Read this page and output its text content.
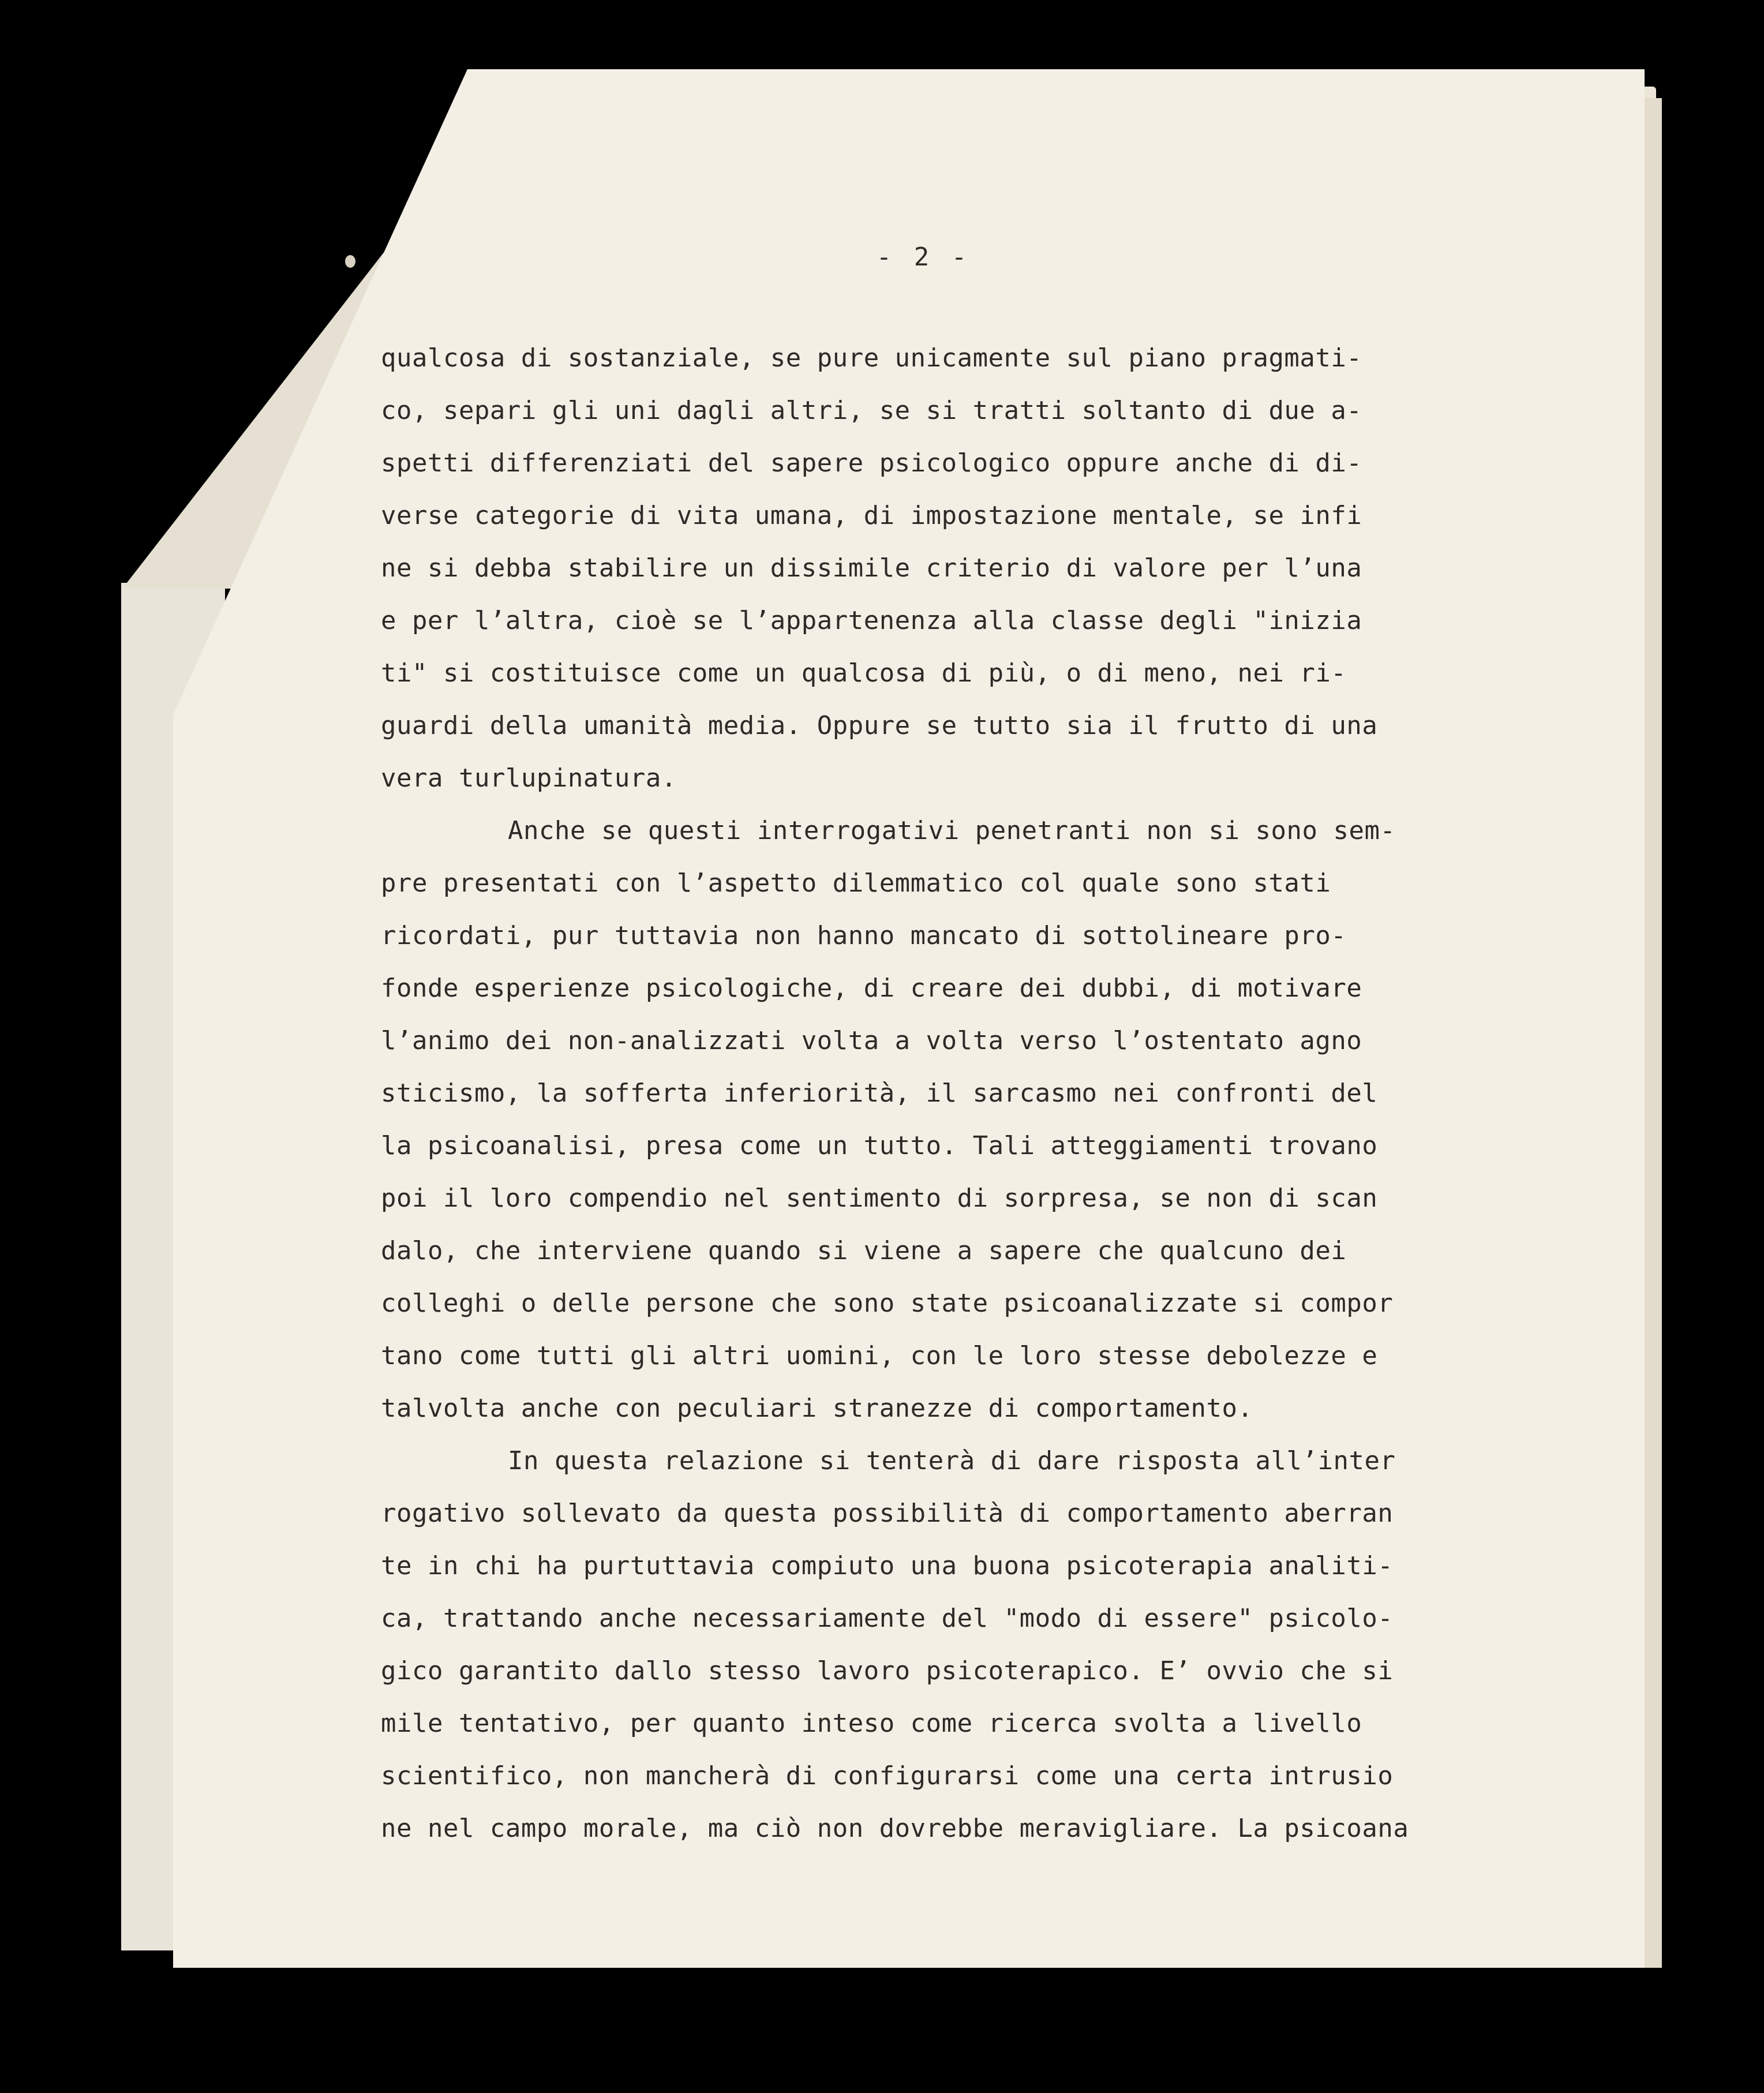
- 2 -
qualcosa di sostanziale, se pure unicamente sul piano pragmati-
co, separi gli uni dagli altri, se si tratti soltanto di due a-
spetti differenziati del sapere psicologico oppure anche di di-
verse categorie di vita umana, di impostazione mentale, se infi
ne si debba stabilire un dissimile criterio di valore per l’una
e per l’altra, cioè se l’appartenenza alla classe degli "inizia
ti" si costituisce come un qualcosa di più, o di meno, nei ri-
guardi della umanità media. Oppure se tutto sia il frutto di una
vera turlupinatura.
Anche se questi interrogativi penetranti non si sono sem-
pre presentati con l’aspetto dilemmatico col quale sono stati
ricordati, pur tuttavia non hanno mancato di sottolineare pro-
fonde esperienze psicologiche, di creare dei dubbi, di motivare
l’animo dei non-analizzati volta a volta verso l’ostentato agno
sticismo, la sofferta inferiorità, il sarcasmo nei confronti del
la psicoanalisi, presa come un tutto. Tali atteggiamenti trovano
poi il loro compendio nel sentimento di sorpresa, se non di scan
dalo, che interviene quando si viene a sapere che qualcuno dei
colleghi o delle persone che sono state psicoanalizzate si compor
tano come tutti gli altri uomini, con le loro stesse debolezze e
talvolta anche con peculiari stranezze di comportamento.
In questa relazione si tenterà di dare risposta all’inter
rogativo sollevato da questa possibilità di comportamento aberran
te in chi ha purtuttavia compiuto una buona psicoterapia analiti-
ca, trattando anche necessariamente del "modo di essere" psicolo-
gico garantito dallo stesso lavoro psicoterapico. E’ ovvio che si
mile tentativo, per quanto inteso come ricerca svolta a livello
scientifico, non mancherà di configurarsi come una certa intrusio
ne nel campo morale, ma ciò non dovrebbe meravigliare. La psicoana
